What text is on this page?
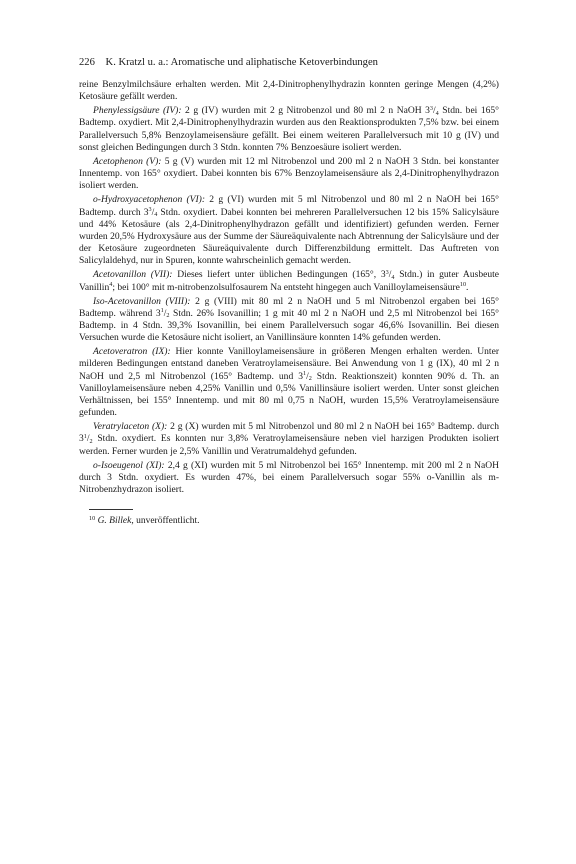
226 K. Kratzl u. a.: Aromatische und aliphatische Ketoverbindungen

reine Benzylmilchsäure erhalten werden. Mit 2,4-Dinitrophenylhydrazin konnten geringe Mengen (4,2%) Ketosäure gefällt werden.

Phenylessigsäure (IV): 2 g (IV) wurden mit 2 g Nitrobenzol und 80 ml 2 n NaOH $3^3/_4$ Stdn. bei 165° Badtemp. oxydiert. Mit 2,4-Dinitrophenylhydrazin wurden aus den Reaktionsprodukten 7,5% bzw. bei einem Parallelversuch 5,8% Benzoylameisensäure gefällt. Bei einem weiteren Parallelversuch mit 10 g (IV) und sonst gleichen Bedingungen durch 3 Stdn. konnten 7% Benzoesäure isoliert werden.

Acetophenon (V): 5 g (V) wurden mit 12 ml Nitrobenzol und 200 ml 2 n NaOH 3 Stdn. bei konstanter Innentemp. von 165° oxydiert. Dabei konnten bis 67% Benzoylameisensäure als 2,4-Dinitrophenylhydrazon isoliert werden.

o-Hydroxyacetophenon (VI): 2 g (VI) wurden mit 5 ml Nitrobenzol und 80 ml 2 n NaOH bei 165° Badtemp. durch $3^3/_4$ Stdn. oxydiert. Dabei konnten bei mehreren Parallelversuchen 12 bis 15% Salicylsäure und 44% Ketosäure (als 2,4-Dinitrophenylhydrazon gefällt und identifiziert) gefunden werden. Ferner wurden 20,5% Hydroxysäure aus der Summe der Säureäquivalente nach Abtrennung der Salicylsäure und der der Ketosäure zugeordneten Säureäquivalente durch Differenzbildung ermittelt. Das Auftreten von Salicylaldehyd, nur in Spuren, konnte wahrscheinlich gemacht werden.

Acetovanillon (VII): Dieses liefert unter üblichen Bedingungen (165°, $3^3/_4$ Stdn.) in guter Ausbeute Vanillin$^4$; bei 100° mit m-nitrobenzolsulfosaurem Na entsteht hingegen auch Vanilloylameisensäure$^{10}$.

Iso-Acetovanillon (VIII): 2 g (VIII) mit 80 ml 2 n NaOH und 5 ml Nitrobenzol ergaben bei 165° Badtemp. während $3^1/_2$ Stdn. 26% Isovanillin; 1 g mit 40 ml 2 n NaOH und 2,5 ml Nitrobenzol bei 165° Badtemp. in 4 Stdn. 39,3% Isovanillin, bei einem Parallelversuch sogar 46,6% Isovanillin. Bei diesen Versuchen wurde die Ketosäure nicht isoliert, an Vanillinsäure konnten 14% gefunden werden.

Acetoveratron (IX): Hier konnte Vanilloylameisensäure in größeren Mengen erhalten werden. Unter milderen Bedingungen entstand daneben Veratroylameisensäure. Bei Anwendung von 1 g (IX), 40 ml 2 n NaOH und 2,5 ml Nitrobenzol (165° Badtemp. und $3^1/_2$ Stdn. Reaktionszeit) konnten 90% d. Th. an Vanilloylameisensäure neben 4,25% Vanillin und 0,5% Vanillinsäure isoliert werden. Unter sonst gleichen Verhältnissen, bei 155° Innentemp. und mit 80 ml 0,75 n NaOH, wurden 15,5% Veratroylameisensäure gefunden.

Veratrylaceton (X): 2 g (X) wurden mit 5 ml Nitrobenzol und 80 ml 2 n NaOH bei 165° Badtemp. durch $3^1/_2$ Stdn. oxydiert. Es konnten nur 3,8% Veratroylameisensäure neben viel harzigen Produkten isoliert werden. Ferner wurden je 2,5% Vanillin und Veratrumaldehyd gefunden.

o-Isoeugenol (XI): 2,4 g (XI) wurden mit 5 ml Nitrobenzol bei 165° Innentemp. mit 200 ml 2 n NaOH durch 3 Stdn. oxydiert. Es wurden 47%, bei einem Parallelversuch sogar 55% o-Vanillin als m-Nitrobenzhydrazon isoliert.

$^{10}$ G. Billek, unveröffentlicht.
